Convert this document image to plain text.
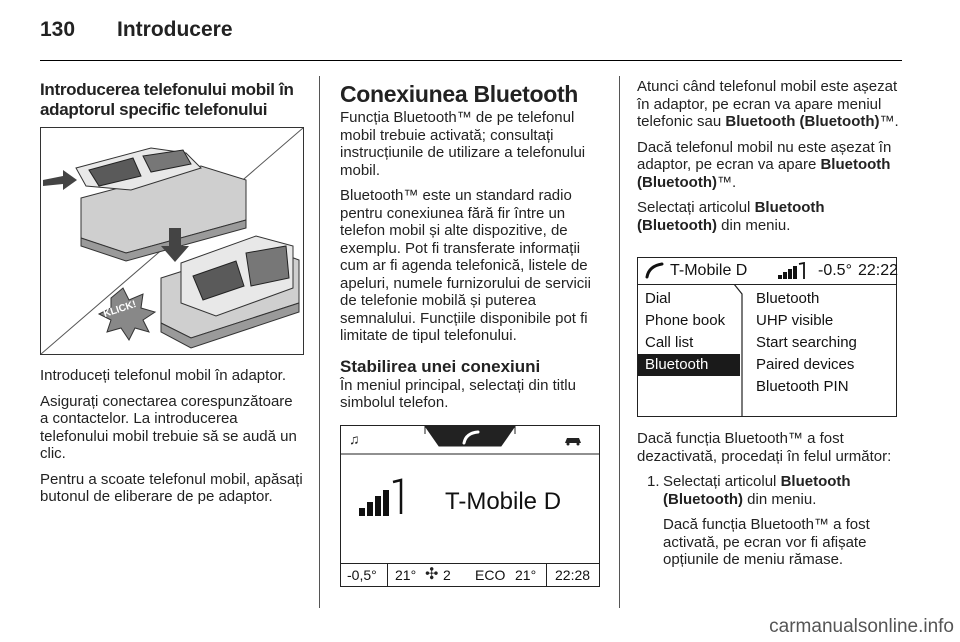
130 Introducere
Introducerea telefonului mobil în adaptorul specific telefonului
KLICK!

Introduceți telefonul mobil în adaptor.

Asigurați conectarea corespunzătoare a contactelor. La introducerea telefonului mobil trebuie să se audă un clic.

Pentru a scoate telefonul mobil, apăsați butonul de eliberare de pe adaptor.

Conexiunea Bluetooth

Funcția Bluetooth™ de pe telefonul mobil trebuie activată; consultați instrucțiunile de utilizare a telefonului mobil.

Bluetooth™ este un standard radio pentru conexiunea fără fir între un telefon mobil și alte dispozitive, de exemplu. Pot fi transferate informații cum ar fi agenda telefonică, listele de apeluri, numele furnizorului de servicii de telefonie mobilă și puterea semnalului. Funcțiile disponibile pot fi limitate de tipul telefonului.

Stabilirea unei conexiuni

În meniul principal, selectați din titlu simbolul telefon.

♫
T-Mobile D
-0,5° 21° ✣ 2 ECO 21° 22:28

Atunci când telefonul mobil este așezat în adaptor, pe ecran va apare meniul telefonic sau Bluetooth (Bluetooth)™.

Dacă telefonul mobil nu este așezat în adaptor, pe ecran va apare Bluetooth (Bluetooth)™.

Selectați articolul Bluetooth (Bluetooth) din meniu.

T-Mobile D	-0.5° 22:22
Dial
Phone book
Call list
Bluetooth
Bluetooth
UHP visible
Start searching
Paired devices
Bluetooth PIN

Dacă funcția Bluetooth™ a fost dezactivată, procedați în felul următor:

1. Selectați articolul Bluetooth (Bluetooth) din meniu.

Dacă funcția Bluetooth™ a fost activată, pe ecran vor fi afișate opțiunile de meniu rămase.

carmanualsonline.info
